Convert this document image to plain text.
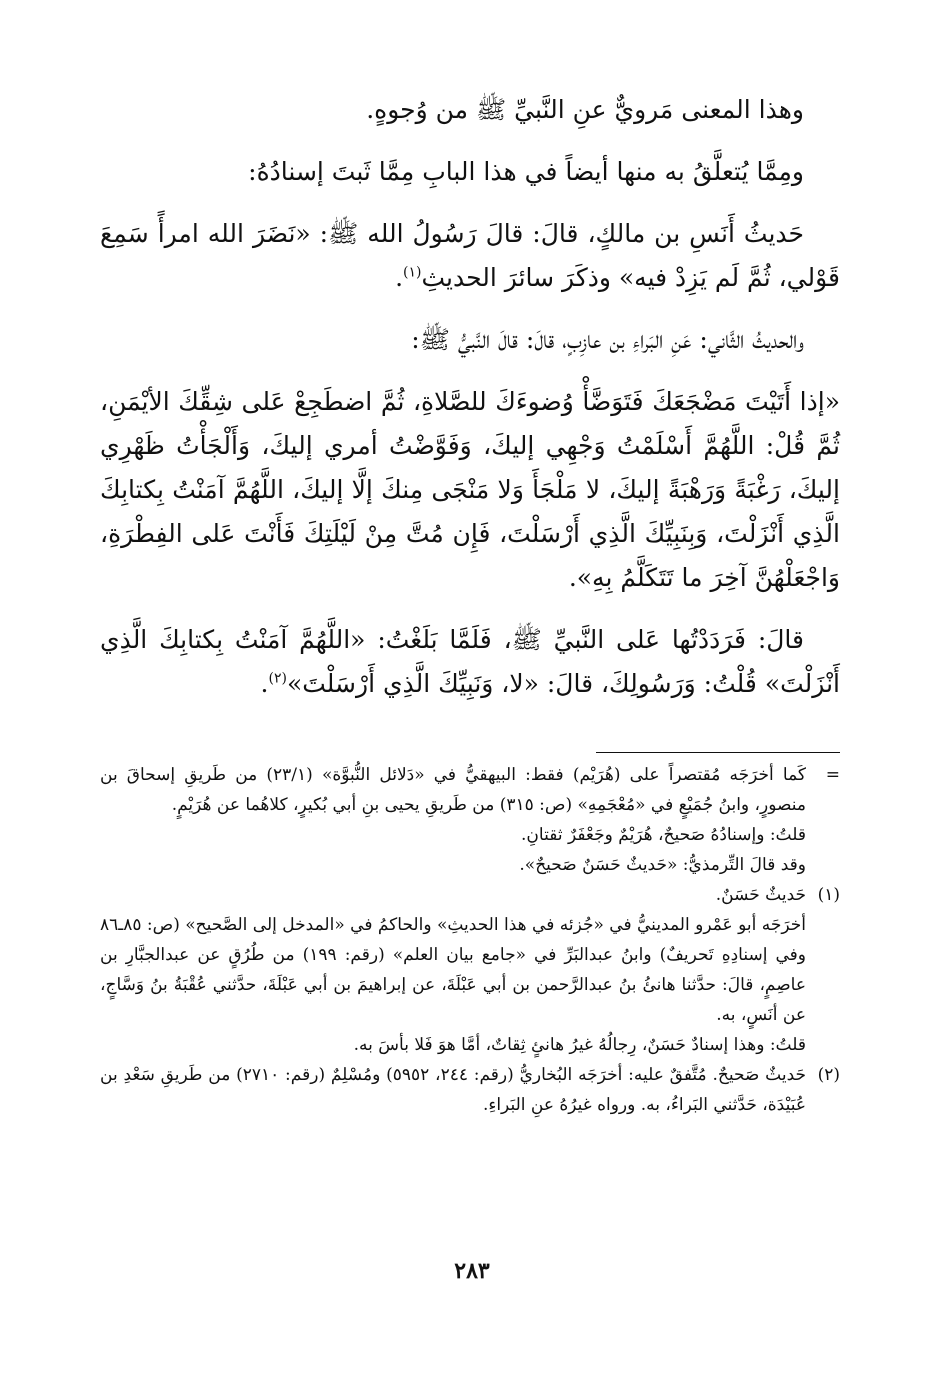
وهذا المعنى مَرويٌّ عنِ النَّبيِّ ﷺ من وُجوهٍ.

ومِمَّا يُتعلَّقُ به منها أيضاً في هذا البابِ مِمَّا ثَبتَ إسنادُهُ:

حَديثُ أَنَسِ بن مالكٍ، قالَ: قالَ رَسُولُ الله ﷺ: «نَضَرَ الله امرأً سَمِعَ قَوْلي، ثُمَّ لَم يَزِدْ فيه» وذكَرَ سائرَ الحديثِ$^{(١)}$.

والحديثُ الثَّاني: عَنِ البَراءِ بن عازِبٍ، قالَ: قالَ النَّبيُّ ﷺ:

«إذا أَتَيْتَ مَضْجَعَكَ فَتَوَضَّأْ وُضوءَكَ للصَّلاةِ، ثُمَّ اضطَجِعْ عَلى شِقِّكَ الأيْمَنِ، ثُمَّ قُلْ: اللَّهُمَّ أَسْلَمْتُ وَجْهِي إليكَ، وَفَوَّضْتُ أمري إليكَ، وَأَلْجَأْتُ ظَهْرِي إليكَ، رَغْبَةً وَرَهْبَةً إليكَ، لا مَلْجَأَ وَلا مَنْجَى مِنكَ إلَّا إليكَ، اللَّهُمَّ آمَنْتُ بِكتابِكَ الَّذِي أَنْزَلْتَ، وَبِنَبِيِّكَ الَّذِي أَرْسَلْتَ، فَإِن مُتَّ مِنْ لَيْلَتِكَ فَأَنْتَ عَلى الفِطْرَةِ، وَاجْعَلْهُنَّ آخِرَ ما تَتَكَلَّمُ بِهِ».

قالَ: فَرَدَدْتُها عَلى النَّبيِّ ﷺ، فَلَمَّا بَلَغْتُ: «اللَّهُمَّ آمَنْتُ بِكتابِكَ الَّذِي أَنْزَلْتَ» قُلْتُ: وَرَسُولِكَ، قالَ: «لا، وَنَبِيِّكَ الَّذِي أَرْسَلْتَ»$^{(٢)}$.

=

كَما أخرَجَه مُقتصراً على (هُرَيْم) فقط: البيهقيُّ في «دَلائل النُّبوَّة» (٢٣/١) من طَريقِ إسحاقَ بن منصورٍ، وابنُ جُمَيْعٍ في «مُعْجَمِهِ» (ص: ٣١٥) من طَريقِ يحيى بنِ أبي بُكيرٍ، كلاهُما عن هُرَيْمٍ.

قلتُ: وإسنادُهُ صَحيحٌ، هُرَيْمٌ وجَعْفَرٌ ثقتانِ.

وقد قالَ التِّرمذيُّ: «حَديثٌ حَسَنٌ صَحيحٌ».

(١)

حَديثٌ حَسَنٌ.

أخرَجَه أبو عَمْرو المدينيُّ في «جُزئه في هذا الحديثِ» والحاكمُ في «المدخل إلى الصَّحيح» (ص: ٨٥ـ٨٦ وفي إسنادِهِ تَحريفٌ) وابنُ عبدالبَرِّ في «جامع بيان العلم» (رقم: ١٩٩) من طُرُقٍ عن عبدالجبَّارِ بن عاصِمٍ، قالَ: حدَّثنا هانئُ بنُ عبدالرَّحمن بن أبي عَبْلَةَ، عن إبراهيمَ بن أبي عَبْلَةَ، حدَّثني عُقْبَةُ بنُ وَسَّاجٍ، عن أنَسٍ، به.

قلتُ: وهذا إسنادٌ حَسَنٌ، رِجالُهُ غيرُ هانئٍ ثِقاتٌ، أمَّا هوَ فَلا بأسَ به.

(٢)

حَديثٌ صَحيحٌ. مُتَّفقٌ عليه: أخرَجَه البُخاريُّ (رقم: ٢٤٤، ٥٩٥٢) ومُسْلِمٌ (رقم: ٢٧١٠) من طَريقِ سَعْدِ بن عُبَيْدَة، حَدَّثني البَراءُ، به. ورواه غيرُهُ عنِ البَراءِ.

٢٨٣
